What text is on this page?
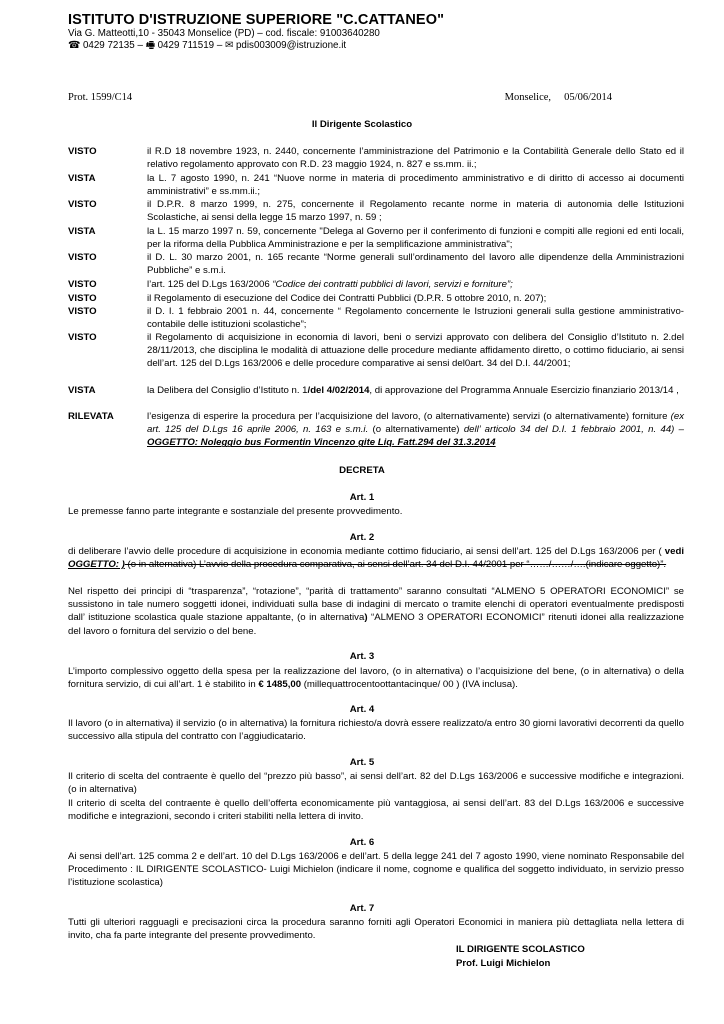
ISTITUTO D'ISTRUZIONE SUPERIORE "C.CATTANEO"
Via G. Matteotti,10 - 35043 Monselice (PD) – cod. fiscale: 91003640280
☎ 0429 72135 – 🖷 0429 711519 – ✉ pdis003009@istruzione.it
Prot. 1599/C14	Monselice, 05/06/2014
Il Dirigente Scolastico
VISTO	il R.D 18 novembre 1923, n. 2440, concernente l’amministrazione del Patrimonio e la Contabilità Generale dello Stato ed il relativo regolamento approvato con R.D. 23 maggio 1924, n. 827 e ss.mm. ii.;
VISTA	la L. 7 agosto 1990, n. 241 “Nuove norme in materia di procedimento amministrativo e di diritto di accesso ai documenti amministrativi” e ss.mm.ii.;
VISTO	il D.P.R. 8 marzo 1999, n. 275, concernente il Regolamento recante norme in materia di autonomia delle Istituzioni Scolastiche, ai sensi della legge 15 marzo 1997, n. 59 ;
VISTA	la L. 15 marzo 1997 n. 59, concernente "Delega al Governo per il conferimento di funzioni e compiti alle regioni ed enti locali, per la riforma della Pubblica Amministrazione e per la semplificazione amministrativa";
VISTO	il D. L. 30 marzo 2001, n. 165 recante “Norme generali sull’ordinamento del lavoro alle dipendenze della Amministrazioni Pubbliche” e s.m.i.
VISTO	l’art. 125 del D.Lgs 163/2006 “Codice dei contratti pubblici di lavori, servizi e forniture”;
VISTO	il Regolamento di esecuzione del Codice dei Contratti Pubblici (D.P.R. 5 ottobre 2010, n. 207);
VISTO	il D. I. 1 febbraio 2001 n. 44, concernente “ Regolamento concernente le Istruzioni generali sulla gestione amministrativo-contabile delle istituzioni scolastiche”;
VISTO	il Regolamento di acquisizione in economia di lavori, beni o servizi approvato con delibera del Consiglio d’Istituto n. 2.del 28/11/2013, che disciplina le modalità di attuazione delle procedure mediante affidamento diretto, o cottimo fiduciario, ai sensi dell’art. 125 del D.Lgs 163/2006 e delle procedure comparative ai sensi del0art. 34 del D.I. 44/2001;
VISTA	la Delibera del Consiglio d’Istituto n. 1/del 4/02/2014, di approvazione del Programma Annuale Esercizio finanziario 2013/14 ,
RILEVATA	l’esigenza di esperire la procedura per l’acquisizione del lavoro, (o alternativamente) servizi (o alternativamente) forniture (ex art. 125 del D.Lgs 16 aprile 2006, n. 163 e s.m.i. (o alternativamente) dell’ articolo 34 del D.I. 1 febbraio 2001, n. 44) – OGGETTO: Noleggio bus Formentin Vincenzo gite Liq. Fatt.294 del 31.3.2014
DECRETA
Art. 1
Le premesse fanno parte integrante e sostanziale del presente provvedimento.
Art. 2
di deliberare l’avvio delle procedure di acquisizione in economia mediante cottimo fiduciario, ai sensi dell’art. 125 del D.Lgs 163/2006 per ( vedi OGGETTO: ) (o in alternativa) L’avvio della procedura comparativa, ai sensi dell’art. 34 del D.I. 44/2001 per “……/……/….(indicare oggetto)”.
Nel rispetto dei principi di “trasparenza”, “rotazione”, “parità di trattamento” saranno consultati “ALMENO 5 OPERATORI ECONOMICI” se sussistono in tale numero soggetti idonei, individuati sulla base di indagini di mercato o tramite elenchi di operatori eventualmente predisposti dall’ istituzione scolastica quale stazione appaltante, (o in alternativa) “ALMENO 3 OPERATORI ECONOMICI” ritenuti idonei alla realizzazione del lavoro o fornitura del servizio o del bene.
Art. 3
L’importo complessivo oggetto della spesa per la realizzazione del lavoro, (o in alternativa) o l’acquisizione del bene, (o in alternativa) o della fornitura servizio, di cui all’art. 1 è stabilito in € 1485,00 (millequattrocentoottantacinque/ 00 ) (IVA inclusa).
Art. 4
Il lavoro (o in alternativa) il servizio (o in alternativa) la fornitura richiesto/a dovrà essere realizzato/a entro 30 giorni lavorativi decorrenti da quello successivo alla stipula del contratto con l’aggiudicatario.
Art. 5
Il criterio di scelta del contraente è quello del “prezzo più basso”, ai sensi dell’art. 82 del D.Lgs 163/2006 e successive modifiche e integrazioni. (o in alternativa)
Il criterio di scelta del contraente è quello dell’offerta economicamente più vantaggiosa, ai sensi dell’art. 83 del D.Lgs 163/2006 e successive modifiche e integrazioni, secondo i criteri stabiliti nella lettera di invito.
Art. 6
Ai sensi dell’art. 125 comma 2 e dell’art. 10 del D.Lgs 163/2006 e dell’art. 5 della legge 241 del 7 agosto 1990, viene nominato Responsabile del Procedimento : IL DIRIGENTE SCOLASTICO- Luigi Michielon (indicare il nome, cognome e qualifica del soggetto individuato, in servizio presso l’istituzione scolastica)
Art. 7
Tutti gli ulteriori ragguagli e precisazioni circa la procedura saranno forniti agli Operatori Economici in maniera più dettagliata nella lettera di invito, cha fa parte integrante del presente provvedimento.
IL DIRIGENTE SCOLASTICO
Prof. Luigi Michielon
